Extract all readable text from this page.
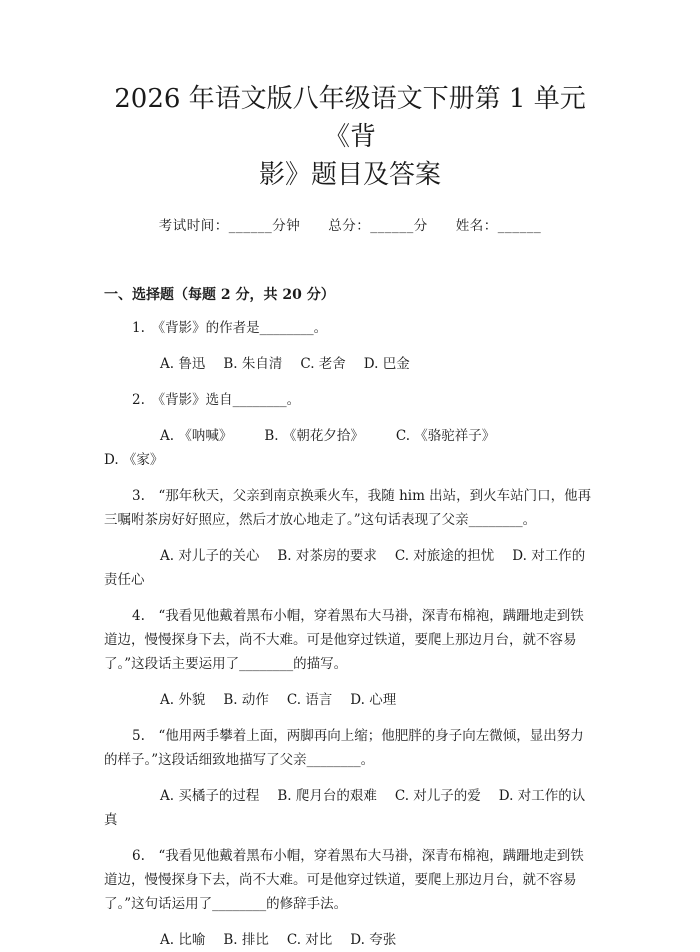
2026 年语文版八年级语文下册第 1 单元《背
影》题目及答案
考试时间：______分钟 总分：______分 姓名：______
一、选择题（每题 2 分，共 20 分）

1.　《背影》的作者是________。

A. 鲁迅 B. 朱自清 C. 老舍 D. 巴金

2.　《背影》选自________。

A. 《呐喊》 B. 《朝花夕拾》 C. 《骆驼祥子》D. 《家》

3.　“那年秋天，父亲到南京换乘火车，我随 him 出站，到火车站门口，他再三嘱咐茶房好好照应，然后才放心地走了。”这句话表现了父亲________。

A. 对儿子的关心 B. 对茶房的要求 C. 对旅途的担忧 D. 对工作的责任心

4.　“我看见他戴着黑布小帽，穿着黑布大马褂，深青布棉袍，蹒跚地走到铁道边，慢慢探身下去，尚不大难。可是他穿过铁道，要爬上那边月台，就不容易了。”这段话主要运用了________的描写。

A. 外貌 B. 动作 C. 语言 D. 心理

5.　“他用两手攀着上面，两脚再向上缩；他肥胖的身子向左微倾，显出努力的样子。”这段话细致地描写了父亲________。

A. 买橘子的过程 B. 爬月台的艰难 C. 对儿子的爱 D. 对工作的认真

6.　“我看见他戴着黑布小帽，穿着黑布大马褂，深青布棉袍，蹒跚地走到铁道边，慢慢探身下去，尚不大难。可是他穿过铁道，要爬上那边月台，就不容易了。”这句话运用了________的修辞手法。

A. 比喻 B. 排比 C. 对比 D. 夸张
